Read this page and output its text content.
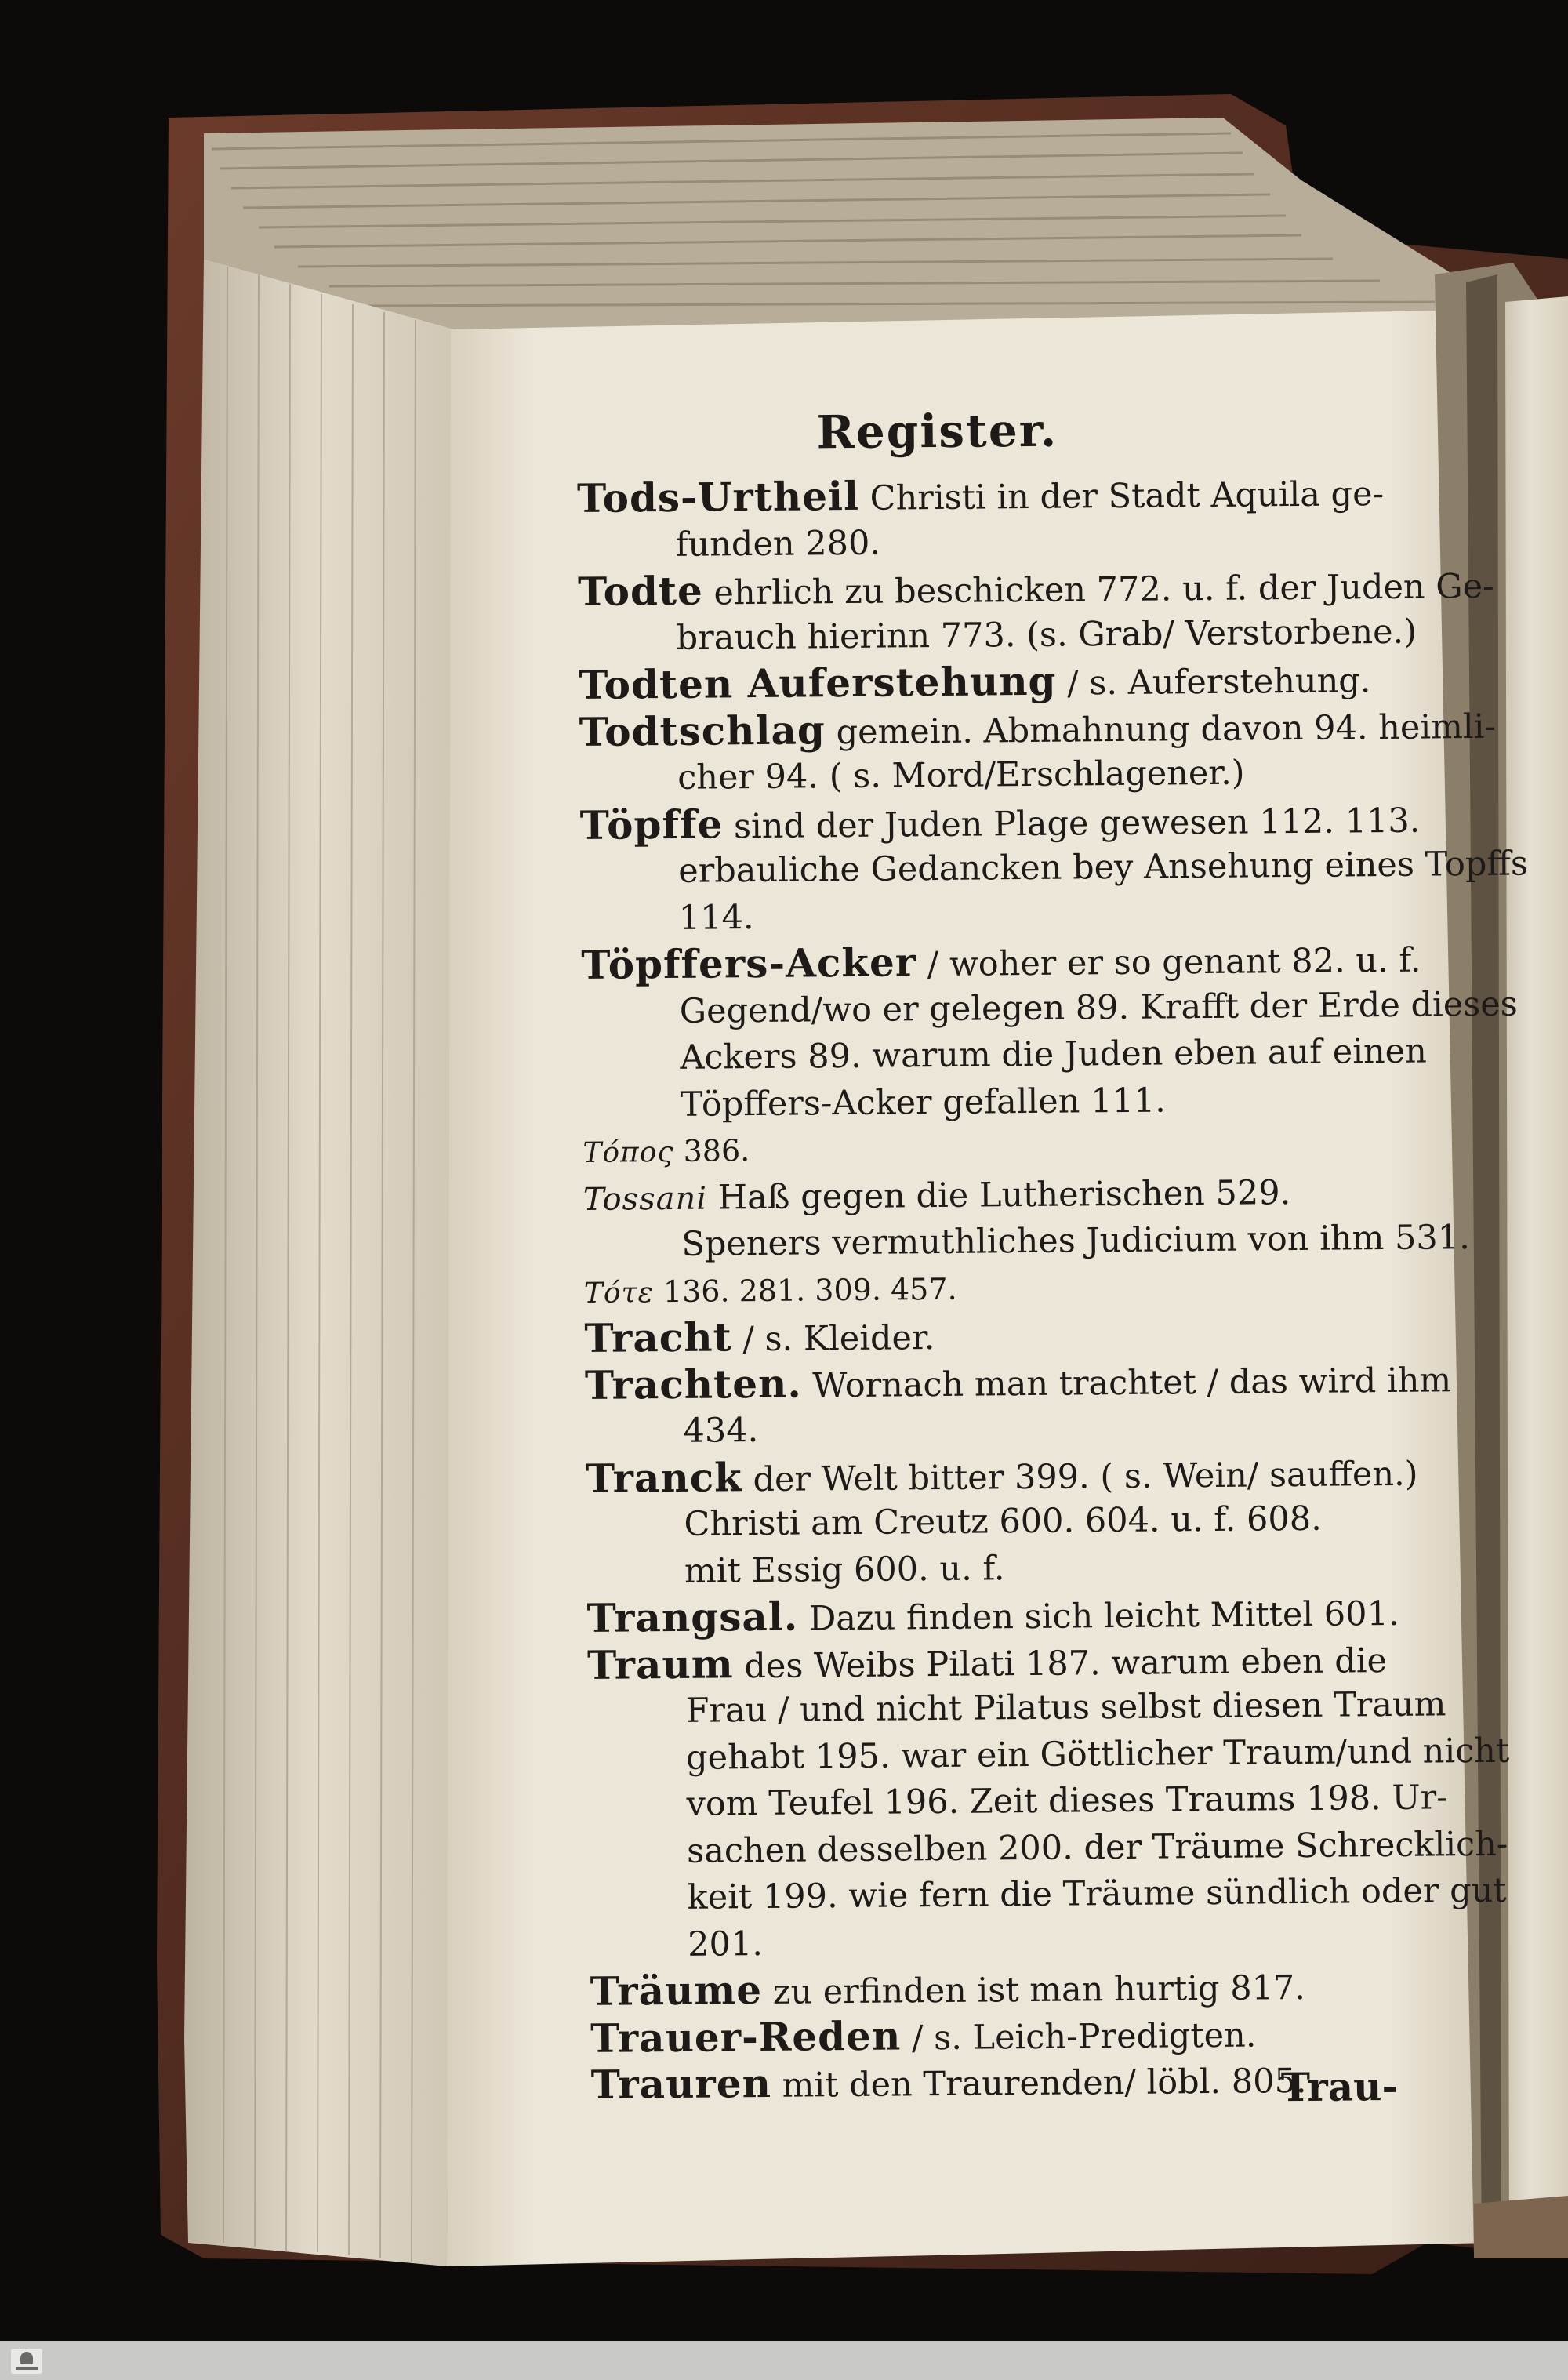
Register.
Tods-Urtheil Christi in der Stadt Aquila ge-
funden 280.
Todte ehrlich zu beschicken 772. u. f. der Juden Ge-
brauch hierinn 773. (s. Grab/ Verstorbene.)
Todten Auferstehung / s. Auferstehung.
Todtschlag gemein. Abmahnung davon 94. heimli-
cher 94. ( s. Mord/Erschlagener.)
Töpffe sind der Juden Plage gewesen 112. 113.
erbauliche Gedancken bey Ansehung eines Topffs
114.
Töpffers-Acker / woher er so genant 82. u. f.
Gegend/wo er gelegen 89. Krafft der Erde dieses
Ackers 89. warum die Juden eben auf einen
Töpffers-Acker gefallen 111.
Τόπος 386.
Tossani Haß gegen die Lutherischen 529.
Speners vermuthliches Judicium von ihm 531.
Τότε 136. 281. 309. 457.
Tracht / s. Kleider.
Trachten. Wornach man trachtet / das wird ihm
434.
Tranck der Welt bitter 399. ( s. Wein/ sauffen.)
Christi am Creutz 600. 604. u. f. 608.
mit Essig 600. u. f.
Trangsal. Dazu finden sich leicht Mittel 601.
Traum des Weibs Pilati 187. warum eben die
Frau / und nicht Pilatus selbst diesen Traum
gehabt 195. war ein Göttlicher Traum/und nicht
vom Teufel 196. Zeit dieses Traums 198. Ur-
sachen desselben 200. der Träume Schrecklich-
keit 199. wie fern die Träume sündlich oder gut
201.
Träume zu erfinden ist man hurtig 817.
Trauer-Reden / s. Leich-Predigten.
Trauren mit den Traurenden/ löbl. 805.
Trau-
